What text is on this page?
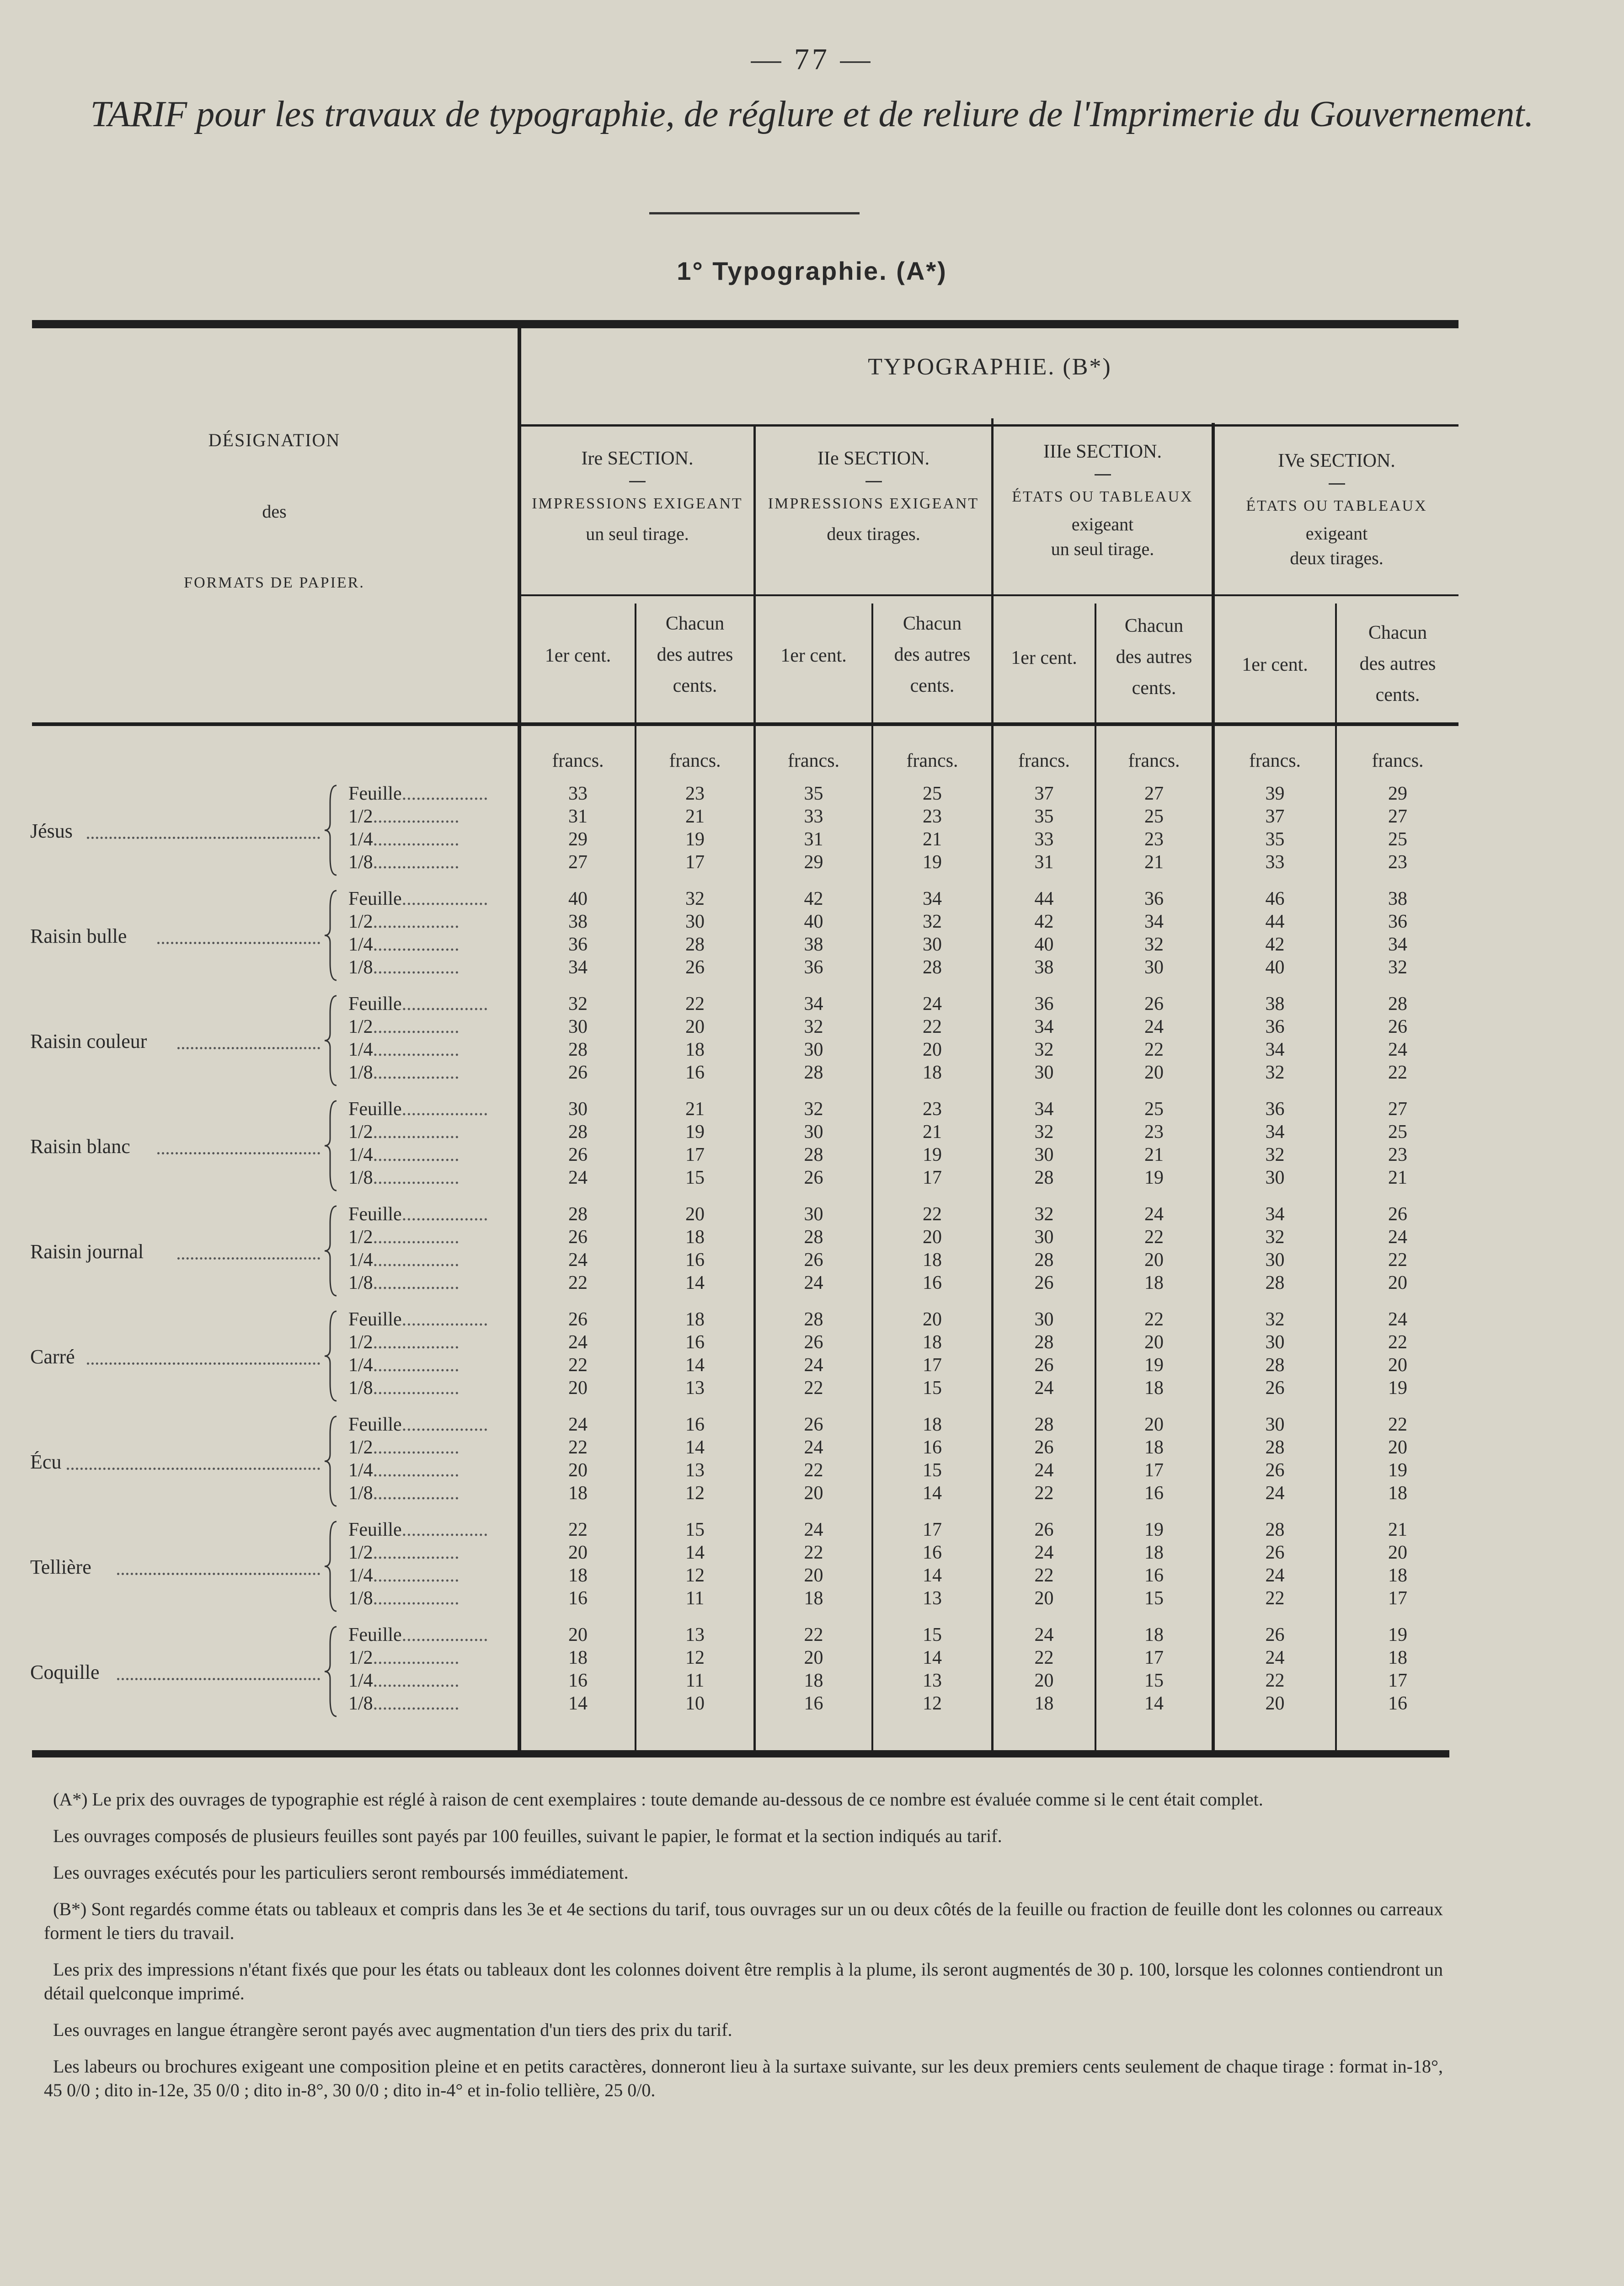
— 77 —
TARIF pour les travaux de typographie, de réglure et de reliure de l'Imprimerie du Gouvernement.
1° Typographie. (A*)
DÉSIGNATION
des
FORMATS DE PAPIER.
TYPOGRAPHIE. (B*)
Ire SECTION.
IMPRESSIONS EXIGEANT
un seul tirage.
IIe SECTION.
IMPRESSIONS EXIGEANT
deux tirages.
IIIe SECTION.
ÉTATS OU TABLEAUX
exigeant
un seul tirage.
IVe SECTION.
ÉTATS OU TABLEAUX
exigeant
deux tirages.
1er cent.
Chacun
des autres
cents.
1er cent.
Chacun
des autres
cents.
1er cent.
Chacun
des autres
cents.
1er cent.
Chacun
des autres
cents.
francs.	francs.	francs.	francs.	francs.	francs.	francs.	francs.
Jésus
Feuille..................	33	23	35	25	37	27	39	29
1/2..................	31	21	33	23	35	25	37	27
1/4..................	29	19	31	21	33	23	35	25
1/8..................	27	17	29	19	31	21	33	23
Raisin bulle
Feuille..................	40	32	42	34	44	36	46	38
1/2..................	38	30	40	32	42	34	44	36
1/4..................	36	28	38	30	40	32	42	34
1/8..................	34	26	36	28	38	30	40	32
Raisin couleur
Feuille..................	32	22	34	24	36	26	38	28
1/2..................	30	20	32	22	34	24	36	26
1/4..................	28	18	30	20	32	22	34	24
1/8..................	26	16	28	18	30	20	32	22
Raisin blanc
Feuille..................	30	21	32	23	34	25	36	27
1/2..................	28	19	30	21	32	23	34	25
1/4..................	26	17	28	19	30	21	32	23
1/8..................	24	15	26	17	28	19	30	21
Raisin journal
Feuille..................	28	20	30	22	32	24	34	26
1/2..................	26	18	28	20	30	22	32	24
1/4..................	24	16	26	18	28	20	30	22
1/8..................	22	14	24	16	26	18	28	20
Carré
Feuille..................	26	18	28	20	30	22	32	24
1/2..................	24	16	26	18	28	20	30	22
1/4..................	22	14	24	17	26	19	28	20
1/8..................	20	13	22	15	24	18	26	19
Écu
Feuille..................	24	16	26	18	28	20	30	22
1/2..................	22	14	24	16	26	18	28	20
1/4..................	20	13	22	15	24	17	26	19
1/8..................	18	12	20	14	22	16	24	18
Tellière
Feuille..................	22	15	24	17	26	19	28	21
1/2..................	20	14	22	16	24	18	26	20
1/4..................	18	12	20	14	22	16	24	18
1/8..................	16	11	18	13	20	15	22	17
Coquille
Feuille..................	20	13	22	15	24	18	26	19
1/2..................	18	12	20	14	22	17	24	18
1/4..................	16	11	18	13	20	15	22	17
1/8..................	14	10	16	12	18	14	20	16

(A*) Le prix des ouvrages de typographie est réglé à raison de cent exemplaires : toute demande au-dessous de ce nombre est évaluée comme si le cent était complet.

Les ouvrages composés de plusieurs feuilles sont payés par 100 feuilles, suivant le papier, le format et la section indiqués au tarif.

Les ouvrages exécutés pour les particuliers seront remboursés immédiatement.

(B*) Sont regardés comme états ou tableaux et compris dans les 3e et 4e sections du tarif, tous ouvrages sur un ou deux côtés de la feuille ou fraction de feuille dont les colonnes ou carreaux forment le tiers du travail.

Les prix des impressions n'étant fixés que pour les états ou tableaux dont les colonnes doivent être remplis à la plume, ils seront augmentés de 30 p. 100, lorsque les colonnes contiendront un détail quelconque imprimé.

Les ouvrages en langue étrangère seront payés avec augmentation d'un tiers des prix du tarif.

Les labeurs ou brochures exigeant une composition pleine et en petits caractères, donneront lieu à la surtaxe suivante, sur les deux premiers cents seulement de chaque tirage : format in-18°, 45 0/0 ; dito in-12e, 35 0/0 ; dito in-8°, 30 0/0 ; dito in-4° et in-folio tellière, 25 0/0.
